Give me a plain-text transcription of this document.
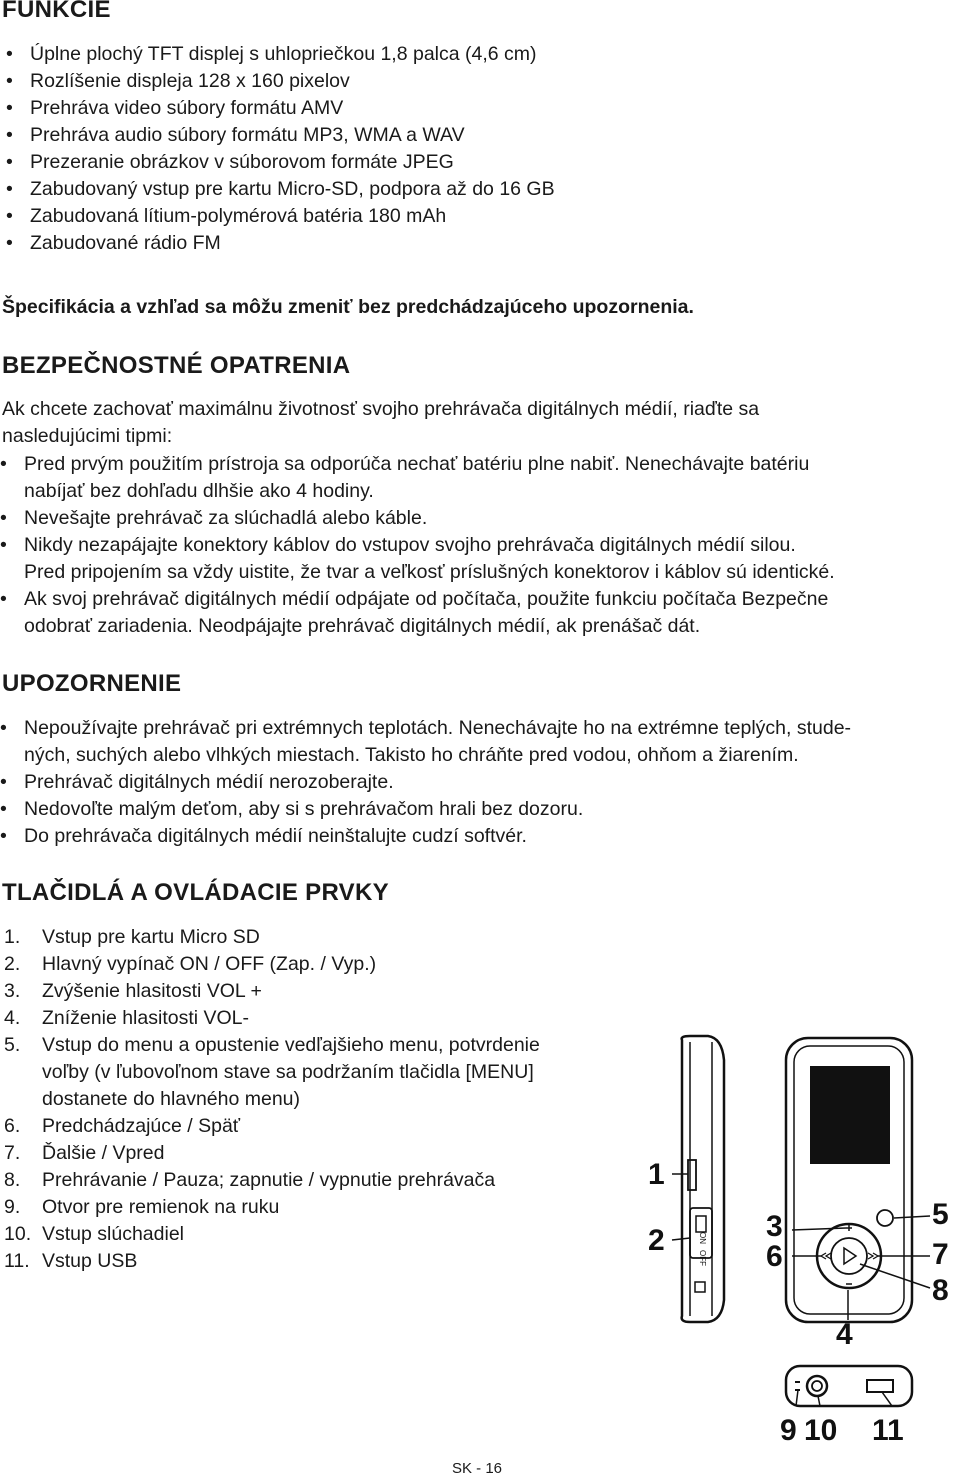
FUNKCIE
• Úplne plochý TFT displej s uhlopriečkou 1,8 palca (4,6 cm)
• Rozlíšenie displeja 128 x 160 pixelov
• Prehráva video súbory formátu AMV
• Prehráva audio súbory formátu MP3, WMA a WAV
• Prezeranie obrázkov v súborovom formáte JPEG
• Zabudovaný vstup pre kartu Micro-SD, podpora až do 16 GB
• Zabudovaná lítium-polymérová batéria 180 mAh
• Zabudované rádio FM
Špecifikácia a vzhľad sa môžu zmeniť bez predchádzajúceho upozornenia.
BEZPEČNOSTNÉ OPATRENIA
Ak chcete zachovať maximálnu životnosť svojho prehrávača digitálnych médií, riaďte sa
nasledujúcimi tipmi:
• Pred prvým použitím prístroja sa odporúča nechať batériu plne nabiť. Nenechávajte batériu
nabíjať bez dohľadu dlhšie ako 4 hodiny.
• Nevešajte prehrávač za slúchadlá alebo káble.
• Nikdy nezapájajte konektory káblov do vstupov svojho prehrávača digitálnych médií silou.
Pred pripojením sa vždy uistite, že tvar a veľkosť príslušných konektorov i káblov sú identické.
• Ak svoj prehrávač digitálnych médií odpájate od počítača, použite funkciu počítača Bezpečne
odobrať zariadenia. Neodpájajte prehrávač digitálnych médií, ak prenášač dát.
UPOZORNENIE
• Nepoužívajte prehrávač pri extrémnych teplotách. Nenechávajte ho na extrémne teplých, stude-
ných, suchých alebo vlhkých miestach. Takisto ho chráňte pred vodou, ohňom a žiarením.
• Prehrávač digitálnych médií nerozoberajte.
• Nedovoľte malým deťom, aby si s prehrávačom hrali bez dozoru.
• Do prehrávača digitálnych médií neinštalujte cudzí softvér.
TLAČIDLÁ A OVLÁDACIE PRVKY
1. Vstup pre kartu Micro SD
2. Hlavný vypínač ON / OFF (Zap. / Vyp.)
3. Zvýšenie hlasitosti VOL +
4. Zníženie hlasitosti VOL-
5. Vstup do menu a opustenie vedľajšieho menu, potvrdenie
voľby (v ľubovoľnom stave sa podržaním tlačidla [MENU]
dostanete do hlavného menu)
6. Predchádzajúce / Späť
7. Ďalšie / Vpred
8. Prehrávanie / Pauza; zapnutie / vypnutie prehrávača
9. Otvor pre remienok na ruku
10. Vstup slúchadiel
11. Vstup USB
ON
OFF
1
2	3
4
5
6	7
8
9 10 11
SK - 16
